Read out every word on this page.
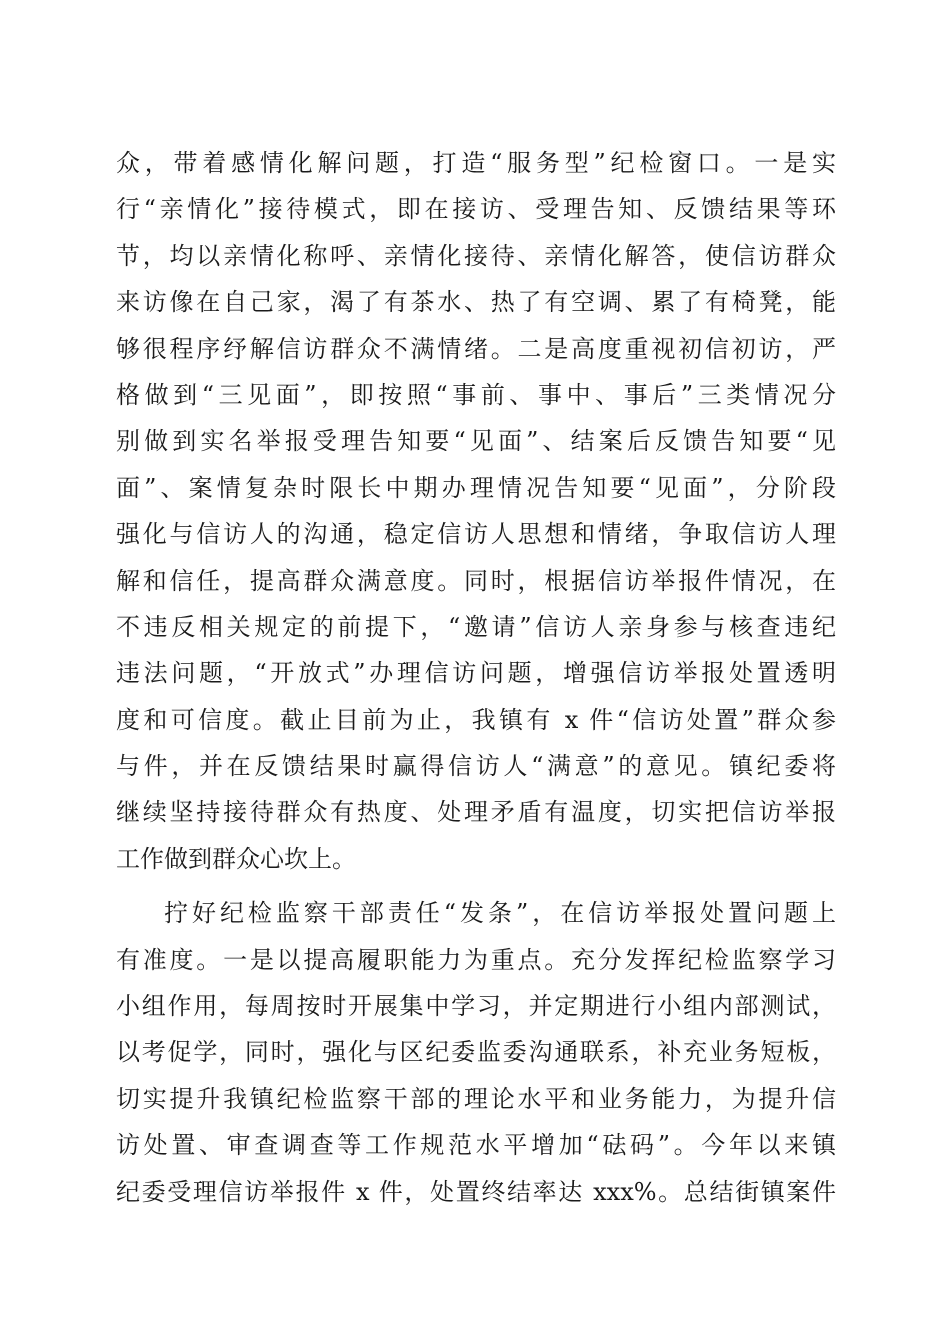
众，带着感情化解问题，打造“服务型”纪检窗口。一是实
行“亲情化”接待模式，即在接访、受理告知、反馈结果等环
节，均以亲情化称呼、亲情化接待、亲情化解答，使信访群众
来访像在自己家，渴了有茶水、热了有空调、累了有椅凳，能
够很程序纾解信访群众不满情绪。二是高度重视初信初访，严
格做到“三见面”，即按照“事前、事中、事后”三类情况分
别做到实名举报受理告知要“见面”、结案后反馈告知要“见
面”、案情复杂时限长中期办理情况告知要“见面”，分阶段
强化与信访人的沟通，稳定信访人思想和情绪，争取信访人理
解和信任，提高群众满意度。同时，根据信访举报件情况，在
不违反相关规定的前提下，“邀请”信访人亲身参与核查违纪
违法问题，“开放式”办理信访问题，增强信访举报处置透明
度和可信度。截止目前为止，我镇有 x 件“信访处置”群众参
与件，并在反馈结果时赢得信访人“满意”的意见。镇纪委将
继续坚持接待群众有热度、处理矛盾有温度，切实把信访举报
工作做到群众心坎上。
拧好纪检监察干部责任“发条”，在信访举报处置问题上
有准度。一是以提高履职能力为重点。充分发挥纪检监察学习
小组作用，每周按时开展集中学习，并定期进行小组内部测试，
以考促学，同时，强化与区纪委监委沟通联系，补充业务短板，
切实提升我镇纪检监察干部的理论水平和业务能力，为提升信
访处置、审查调查等工作规范水平增加“砝码”。今年以来镇
纪委受理信访举报件 x 件，处置终结率达 xxx%。总结街镇案件
